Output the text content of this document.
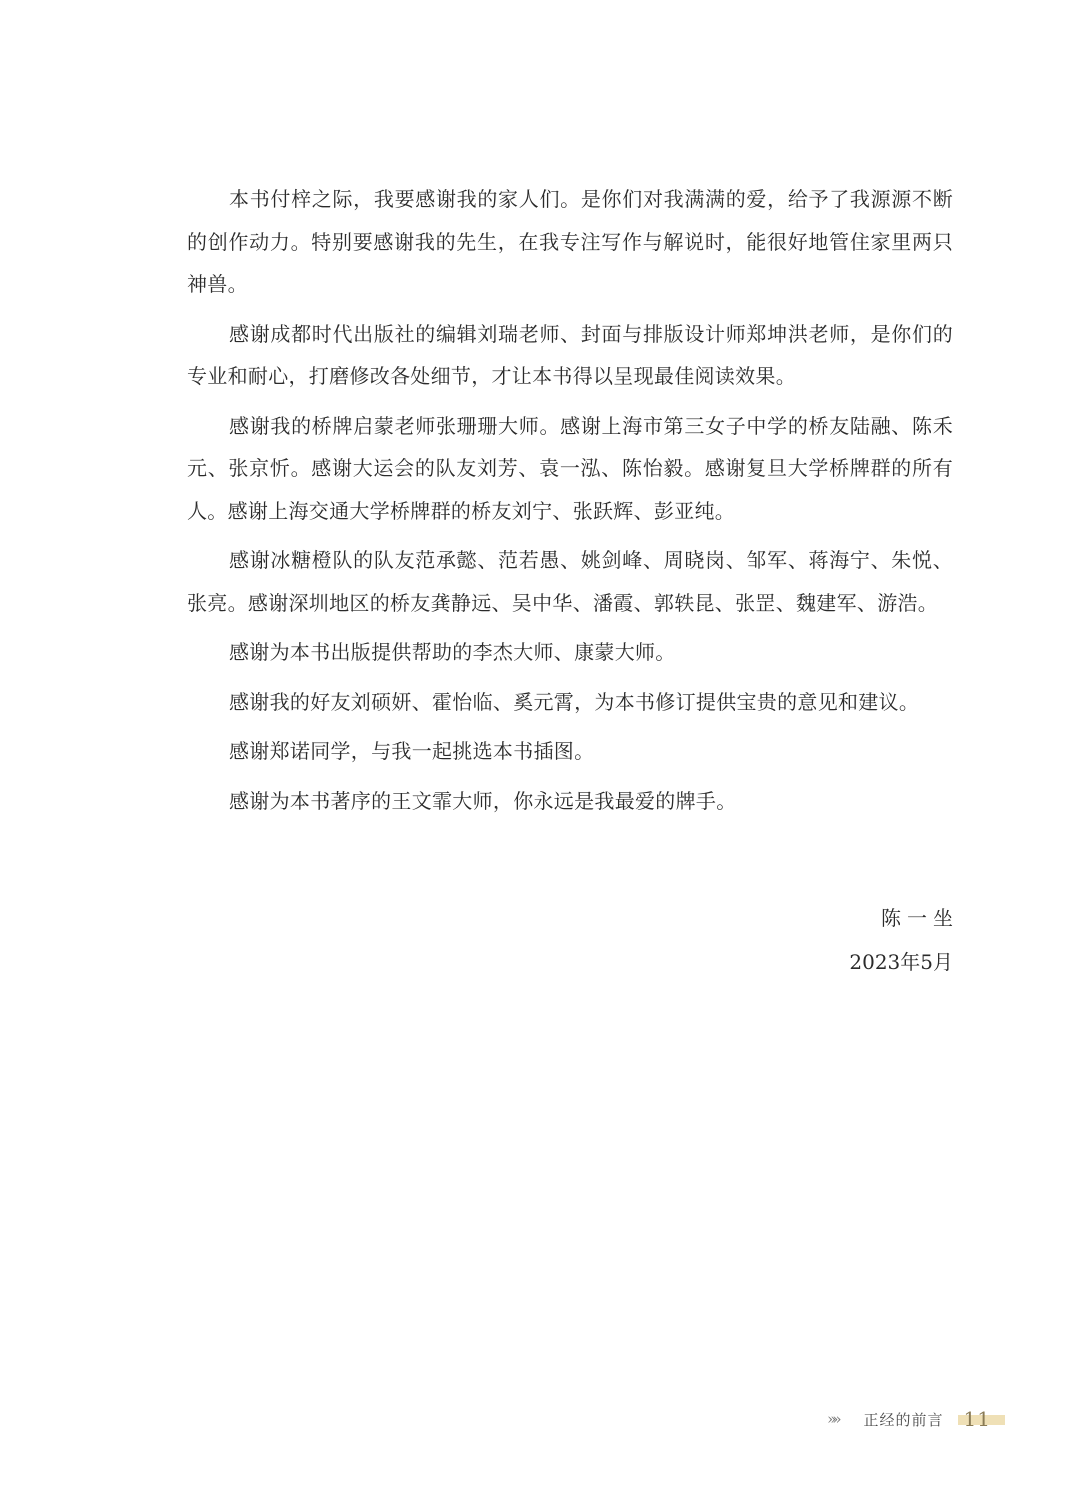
本书付梓之际，我要感谢我的家人们。是你们对我满满的爱，给予了我源源不断的创作动力。特别要感谢我的先生，在我专注写作与解说时，能很好地管住家里两只神兽。

感谢成都时代出版社的编辑刘瑞老师、封面与排版设计师郑坤洪老师，是你们的专业和耐心，打磨修改各处细节，才让本书得以呈现最佳阅读效果。

感谢我的桥牌启蒙老师张珊珊大师。感谢上海市第三女子中学的桥友陆融、陈禾元、张京忻。感谢大运会的队友刘芳、袁一泓、陈怡毅。感谢复旦大学桥牌群的所有人。感谢上海交通大学桥牌群的桥友刘宁、张跃辉、彭亚纯。

感谢冰糖橙队的队友范承懿、范若愚、姚剑峰、周晓岗、邹军、蒋海宁、朱悦、张亮。感谢深圳地区的桥友龚静远、吴中华、潘霞、郭轶昆、张罡、魏建军、游浩。

感谢为本书出版提供帮助的李杰大师、康蒙大师。

感谢我的好友刘硕妍、霍怡临、奚元霄，为本书修订提供宝贵的意见和建议。

感谢郑诺同学，与我一起挑选本书插图。

感谢为本书著序的王文霏大师，你永远是我最爱的牌手。

陈一坐
2023年5月
»» 正经的前言	11
